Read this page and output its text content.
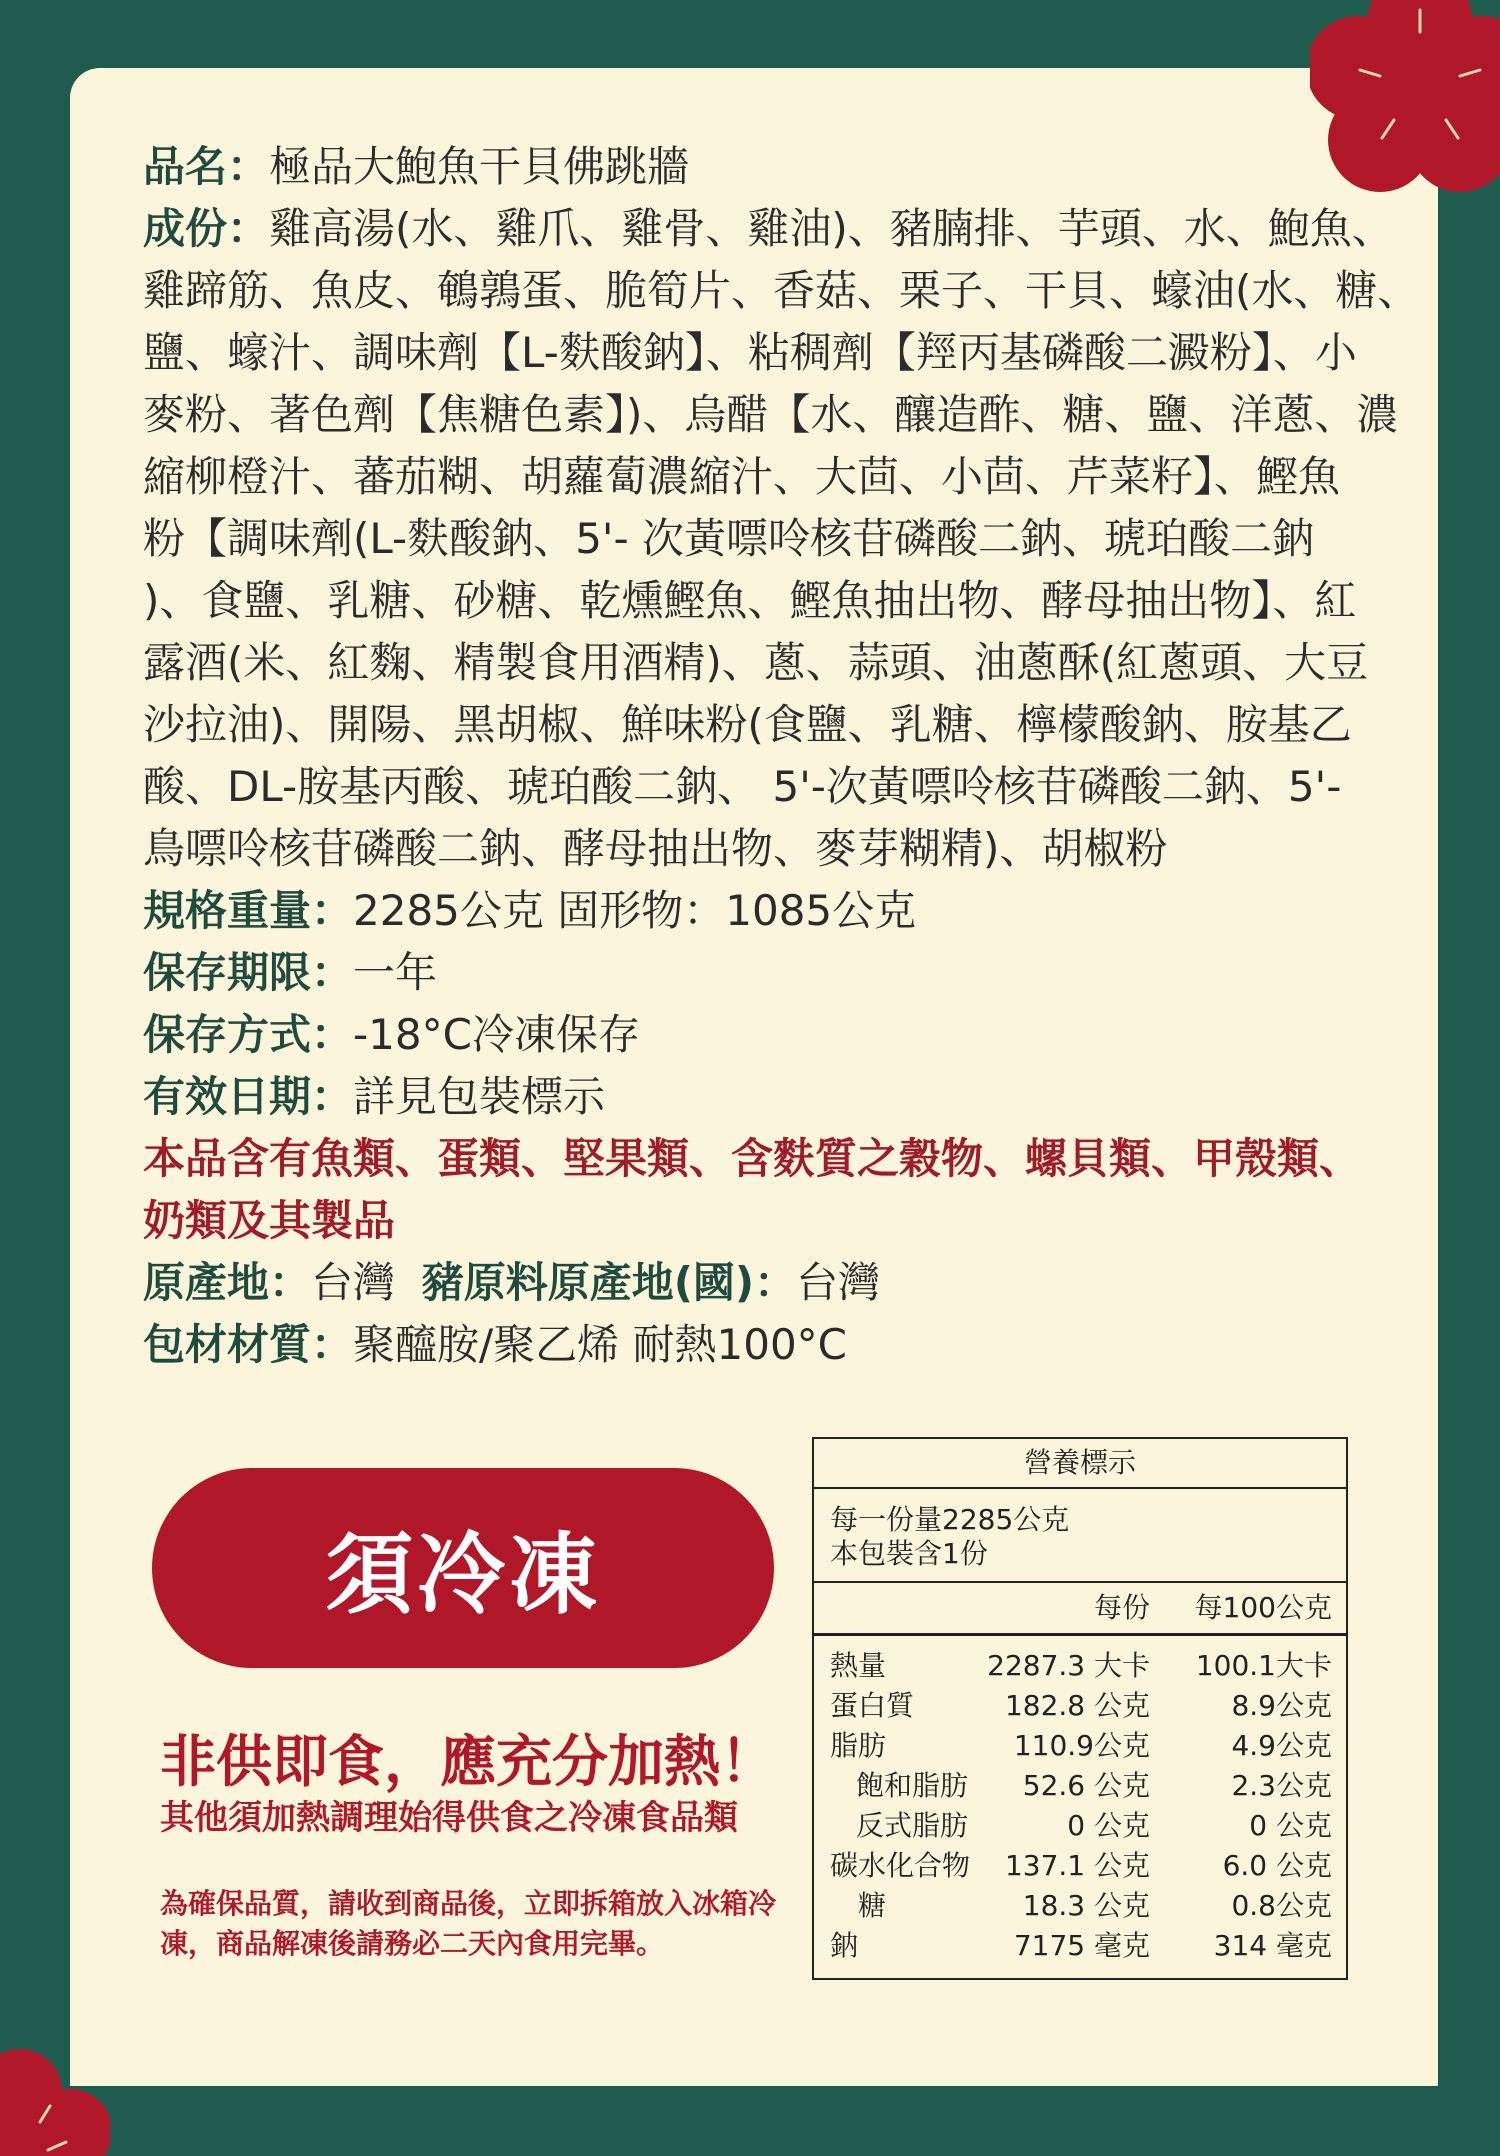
品名：極品大鮑魚干貝佛跳牆
成份：雞高湯(水、雞爪、雞骨、雞油)、豬腩排、芋頭、水、鮑魚、
雞蹄筋、魚皮、鵪鶉蛋、脆筍片、香菇、栗子、干貝、蠔油(水、糖、
鹽、蠔汁、調味劑【L-麩酸鈉】、粘稠劑【羥丙基磷酸二澱粉】、小
麥粉、著色劑【焦糖色素】)、烏醋【水、釀造酢、糖、鹽、洋蔥、濃
縮柳橙汁、蕃茄糊、胡蘿蔔濃縮汁、大茴、小茴、芹菜籽】、鰹魚
粉【調味劑(L-麩酸鈉、5'- 次黃嘌呤核苷磷酸二鈉、琥珀酸二鈉
)、食鹽、乳糖、砂糖、乾燻鰹魚、鰹魚抽出物、酵母抽出物】、紅
露酒(米、紅麴、精製食用酒精)、蔥、蒜頭、油蔥酥(紅蔥頭、大豆
沙拉油)、開陽、黑胡椒、鮮味粉(食鹽、乳糖、檸檬酸鈉、胺基乙
酸、DL-胺基丙酸、琥珀酸二鈉、 5'-次黃嘌呤核苷磷酸二鈉、5'-
鳥嘌呤核苷磷酸二鈉、酵母抽出物、麥芽糊精)、胡椒粉
規格重量：2285公克 固形物：1085公克
保存期限：一年
保存方式：-18°C冷凍保存
有效日期：詳見包裝標示
本品含有魚類、蛋類、堅果類、含麩質之穀物、螺貝類、甲殼類、
奶類及其製品
原產地：台灣 豬原料原產地(國)：台灣
包材材質：聚醯胺/聚乙烯 耐熱100°C
須冷凍
非供即食，應充分加熱！
其他須加熱調理始得供食之冷凍食品類
為確保品質，請收到商品後，立即拆箱放入冰箱冷凍，商品解凍後請務必二天內食用完畢。
營養標示
每一份量2285公克
本包裝含1份
每份	每100公克
熱量	2287.3 大卡	100.1大卡
蛋白質	182.8 公克	8.9公克
脂肪	110.9公克	4.9公克
飽和脂肪	52.6 公克	2.3公克
反式脂肪	0 公克	0 公克
碳水化合物	137.1 公克	6.0 公克
糖	18.3 公克	0.8公克
鈉	7175 毫克	314 毫克
